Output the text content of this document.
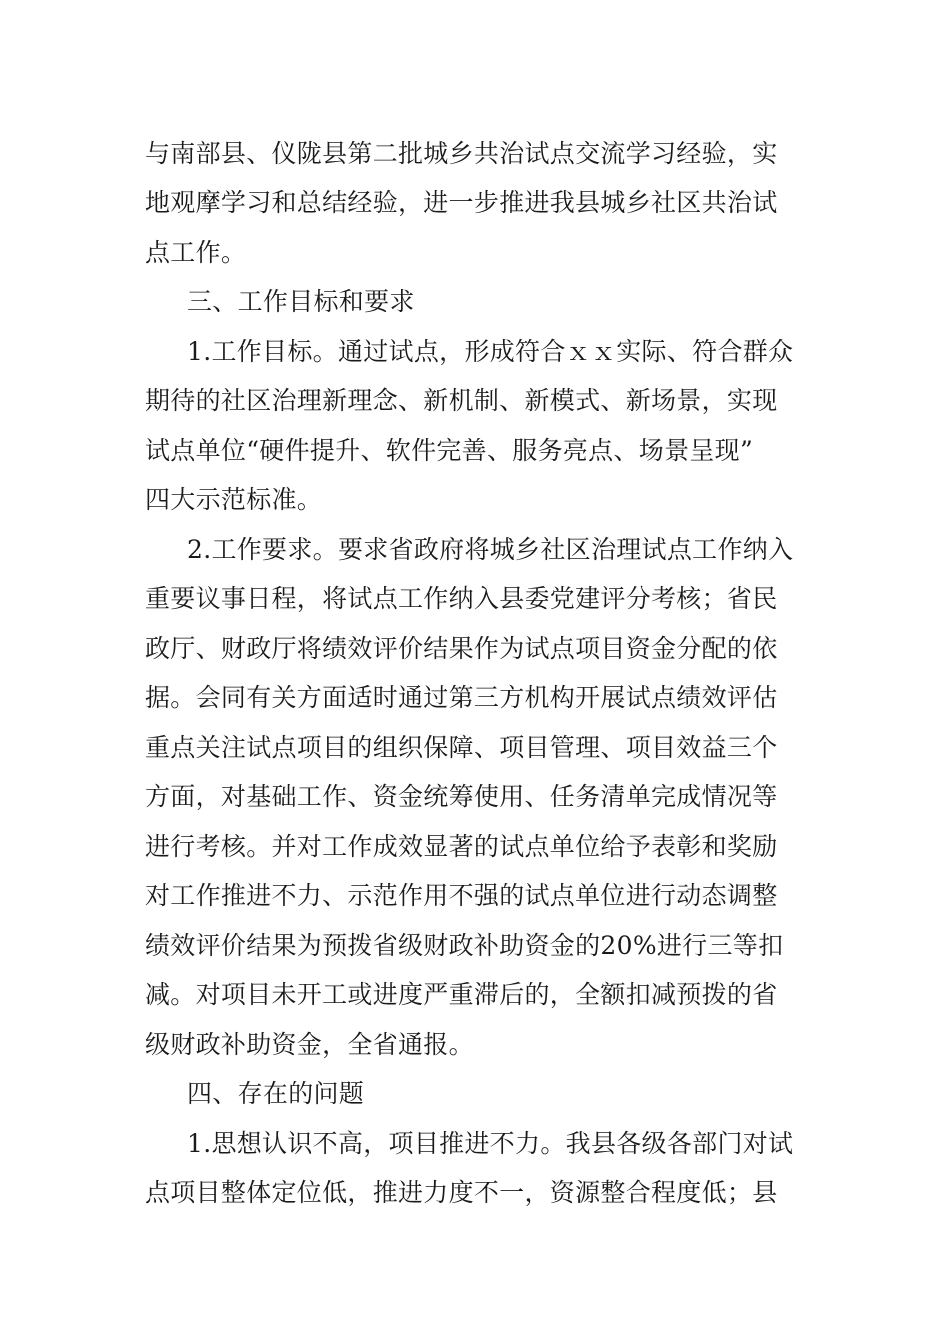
与南部县、仪陇县第二批城乡共治试点交流学习经验，实
地观摩学习和总结经验，进一步推进我县城乡社区共治试
点工作。
三、工作目标和要求
1.工作目标。通过试点，形成符合ｘｘ实际、符合群众
期待的社区治理新理念、新机制、新模式、新场景，实现
试点单位“硬件提升、软件完善、服务亮点、场景呈现”
四大示范标准。
2.工作要求。要求省政府将城乡社区治理试点工作纳入
重要议事日程，将试点工作纳入县委党建评分考核；省民
政厅、财政厅将绩效评价结果作为试点项目资金分配的依
据。会同有关方面适时通过第三方机构开展试点绩效评估
重点关注试点项目的组织保障、项目管理、项目效益三个
方面，对基础工作、资金统筹使用、任务清单完成情况等
进行考核。并对工作成效显著的试点单位给予表彰和奖励
对工作推进不力、示范作用不强的试点单位进行动态调整
绩效评价结果为预拨省级财政补助资金的20%进行三等扣
减。对项目未开工或进度严重滞后的，全额扣减预拨的省
级财政补助资金，全省通报。
四、存在的问题
1.思想认识不高，项目推进不力。我县各级各部门对试
点项目整体定位低，推进力度不一，资源整合程度低；县
